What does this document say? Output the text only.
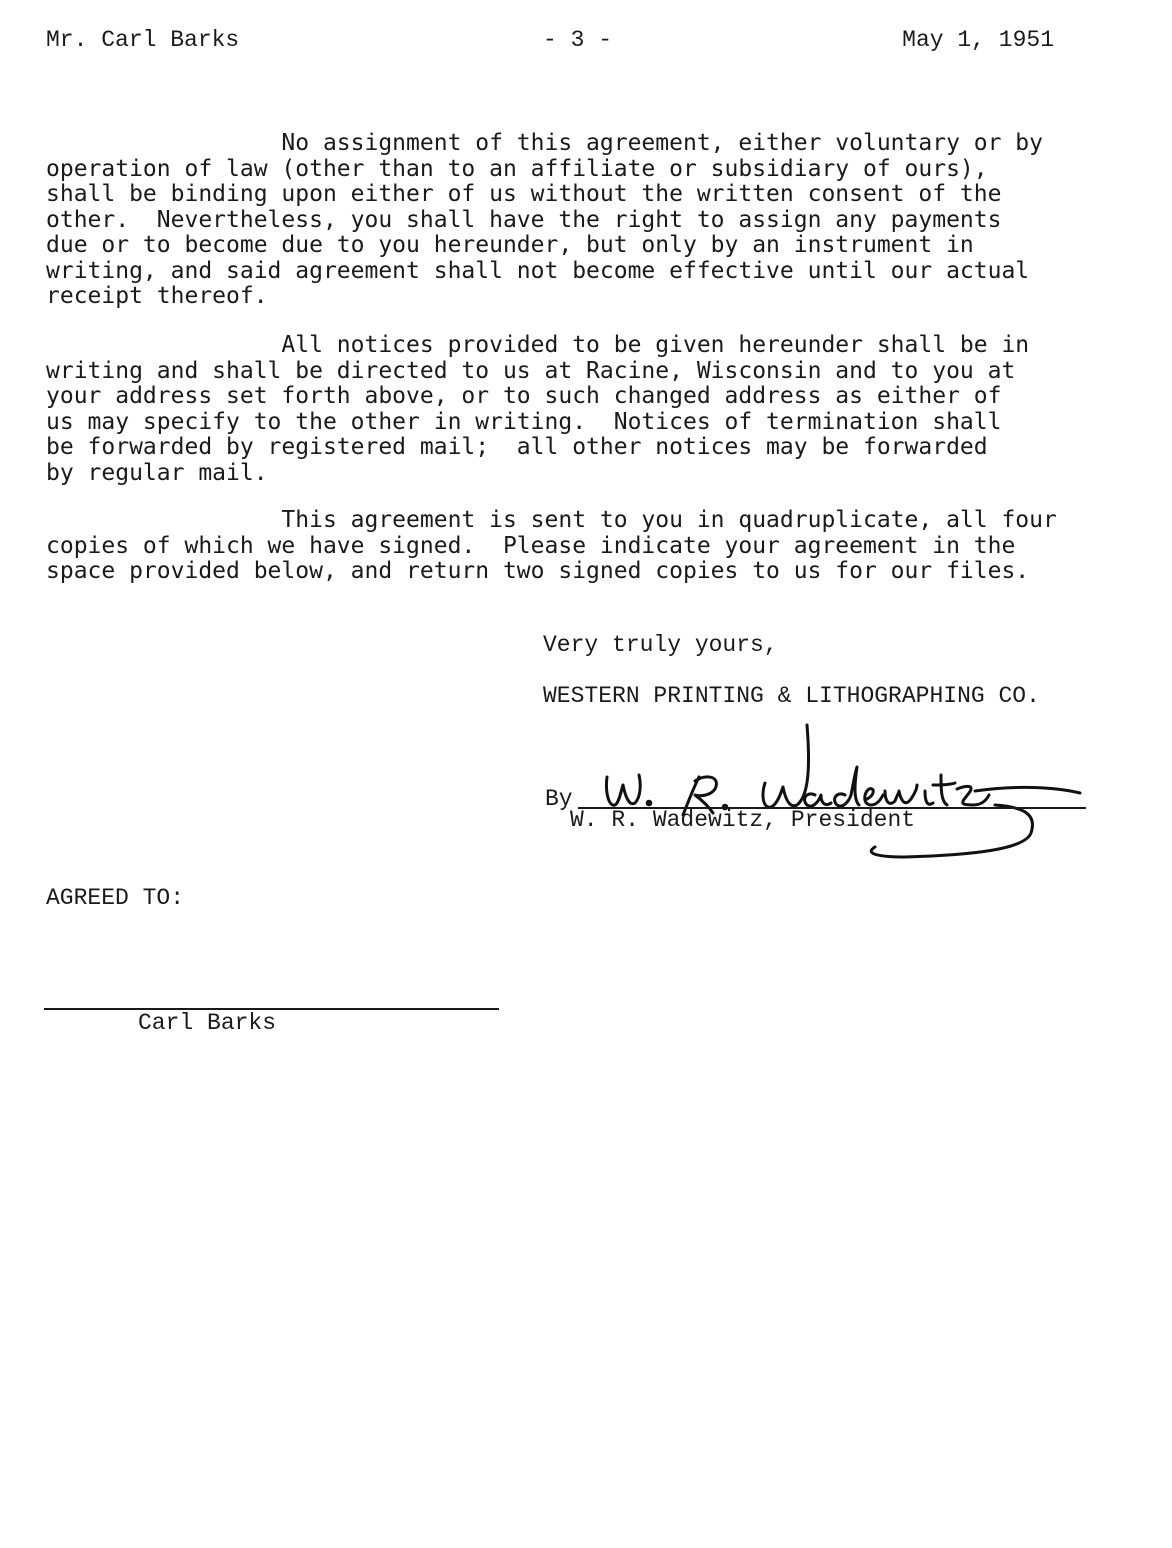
Mr. Carl Barks	- 3 -	May 1, 1951
No assignment of this agreement, either voluntary or by
operation of law (other than to an affiliate or subsidiary of ours),
shall be binding upon either of us without the written consent of the
other.  Nevertheless, you shall have the right to assign any payments
due or to become due to you hereunder, but only by an instrument in
writing, and said agreement shall not become effective until our actual
receipt thereof.
All notices provided to be given hereunder shall be in
writing and shall be directed to us at Racine, Wisconsin and to you at
your address set forth above, or to such changed address as either of
us may specify to the other in writing.  Notices of termination shall
be forwarded by registered mail;  all other notices may be forwarded
by regular mail.
This agreement is sent to you in quadruplicate, all four
copies of which we have signed.  Please indicate your agreement in the
space provided below, and return two signed copies to us for our files.
Very truly yours,
WESTERN PRINTING & LITHOGRAPHING CO.
By
W. R. Wadewitz, President
AGREED TO:
Carl Barks
